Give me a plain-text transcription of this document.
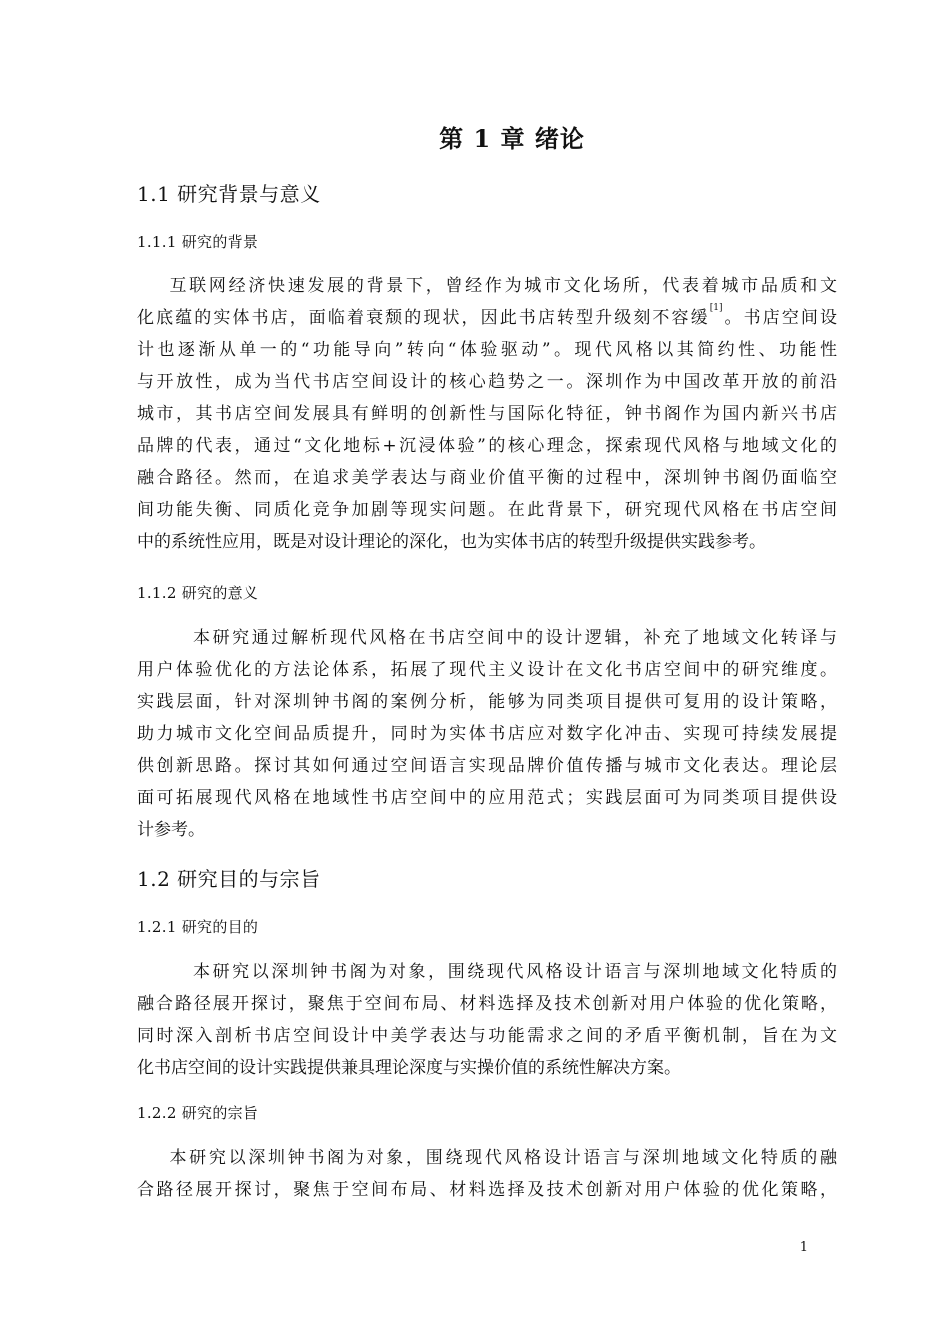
第 1 章 绪论
1.1 研究背景与意义
1.1.1 研究的背景
互联网经济快速发展的背景下，曾经作为城市文化场所，代表着城市品质和文
化底蕴的实体书店，面临着衰颓的现状，因此书店转型升级刻不容缓[1]。书店空间设
计也逐渐从单一的“功能导向”转向“体验驱动”。现代风格以其简约性、功能性
与开放性，成为当代书店空间设计的核心趋势之一。深圳作为中国改革开放的前沿
城市，其书店空间发展具有鲜明的创新性与国际化特征，钟书阁作为国内新兴书店
品牌的代表，通过“文化地标+沉浸体验”的核心理念，探索现代风格与地域文化的
融合路径。然而，在追求美学表达与商业价值平衡的过程中，深圳钟书阁仍面临空
间功能失衡、同质化竞争加剧等现实问题。在此背景下，研究现代风格在书店空间
中的系统性应用，既是对设计理论的深化，也为实体书店的转型升级提供实践参考。
1.1.2 研究的意义
本研究通过解析现代风格在书店空间中的设计逻辑，补充了地域文化转译与
用户体验优化的方法论体系，拓展了现代主义设计在文化书店空间中的研究维度。
实践层面，针对深圳钟书阁的案例分析，能够为同类项目提供可复用的设计策略，
助力城市文化空间品质提升，同时为实体书店应对数字化冲击、实现可持续发展提
供创新思路。探讨其如何通过空间语言实现品牌价值传播与城市文化表达。理论层
面可拓展现代风格在地域性书店空间中的应用范式；实践层面可为同类项目提供设
计参考。
1.2 研究目的与宗旨
1.2.1 研究的目的
本研究以深圳钟书阁为对象，围绕现代风格设计语言与深圳地域文化特质的
融合路径展开探讨，聚焦于空间布局、材料选择及技术创新对用户体验的优化策略，
同时深入剖析书店空间设计中美学表达与功能需求之间的矛盾平衡机制，旨在为文
化书店空间的设计实践提供兼具理论深度与实操价值的系统性解决方案。
1.2.2 研究的宗旨
本研究以深圳钟书阁为对象，围绕现代风格设计语言与深圳地域文化特质的融
合路径展开探讨，聚焦于空间布局、材料选择及技术创新对用户体验的优化策略，
1
